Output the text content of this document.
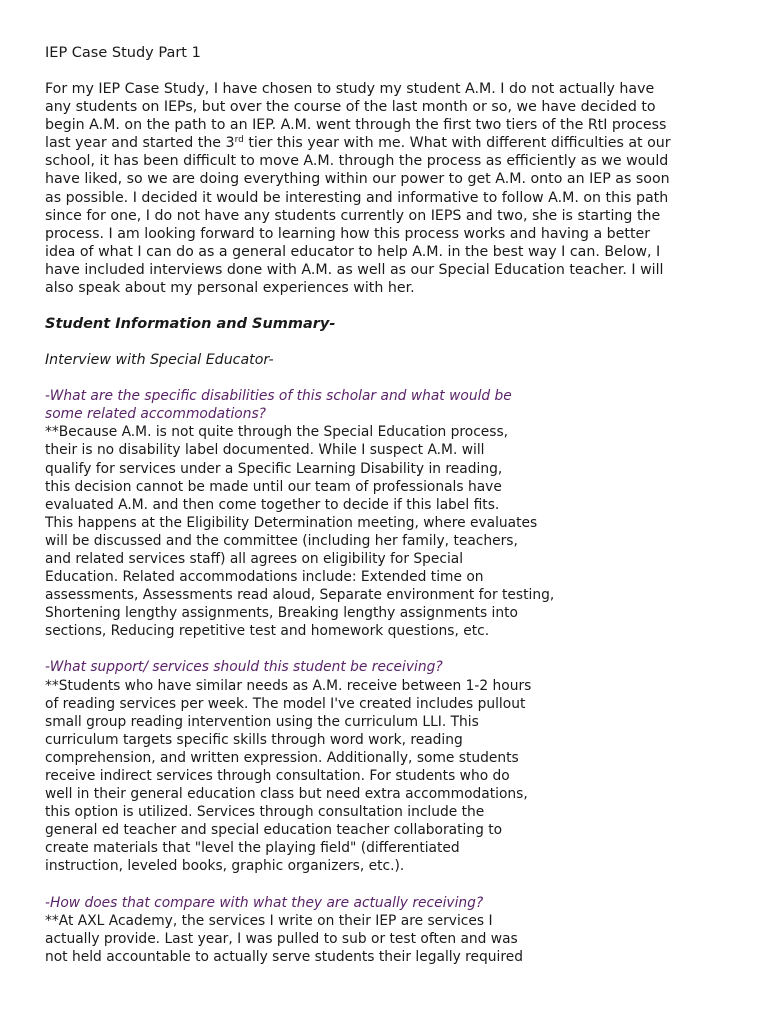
IEP Case Study Part 1

For my IEP Case Study, I have chosen to study my student A.M. I do not actually have
any students on IEPs, but over the course of the last month or so, we have decided to
begin A.M. on the path to an IEP. A.M. went through the first two tiers of the RtI process
last year and started the 3rd tier this year with me. What with different difficulties at our
school, it has been difficult to move A.M. through the process as efficiently as we would
have liked, so we are doing everything within our power to get A.M. onto an IEP as soon
as possible. I decided it would be interesting and informative to follow A.M. on this path
since for one, I do not have any students currently on IEPS and two, she is starting the
process. I am looking forward to learning how this process works and having a better
idea of what I can do as a general educator to help A.M. in the best way I can. Below, I
have included interviews done with A.M. as well as our Special Education teacher. I will
also speak about my personal experiences with her.

Student Information and Summary-

Interview with Special Educator-

-What are the specific disabilities of this scholar and what would be
some related accommodations?
**Because A.M. is not quite through the Special Education process,
their is no disability label documented. While I suspect A.M. will
qualify for services under a Specific Learning Disability in reading,
this decision cannot be made until our team of professionals have
evaluated A.M. and then come together to decide if this label fits.
This happens at the Eligibility Determination meeting, where evaluates
will be discussed and the committee (including her family, teachers,
and related services staff) all agrees on eligibility for Special
Education. Related accommodations include: Extended time on
assessments, Assessments read aloud, Separate environment for testing,
Shortening lengthy assignments, Breaking lengthy assignments into
sections, Reducing repetitive test and homework questions, etc.
-What support/ services should this student be receiving?
**Students who have similar needs as A.M. receive between 1-2 hours
of reading services per week. The model I've created includes pullout
small group reading intervention using the curriculum LLI. This
curriculum targets specific skills through word work, reading
comprehension, and written expression. Additionally, some students
receive indirect services through consultation. For students who do
well in their general education class but need extra accommodations,
this option is utilized. Services through consultation include the
general ed teacher and special education teacher collaborating to
create materials that "level the playing field" (differentiated
instruction, leveled books, graphic organizers, etc.).
-How does that compare with what they are actually receiving?
**At AXL Academy, the services I write on their IEP are services I
actually provide. Last year, I was pulled to sub or test often and was
not held accountable to actually serve students their legally required
